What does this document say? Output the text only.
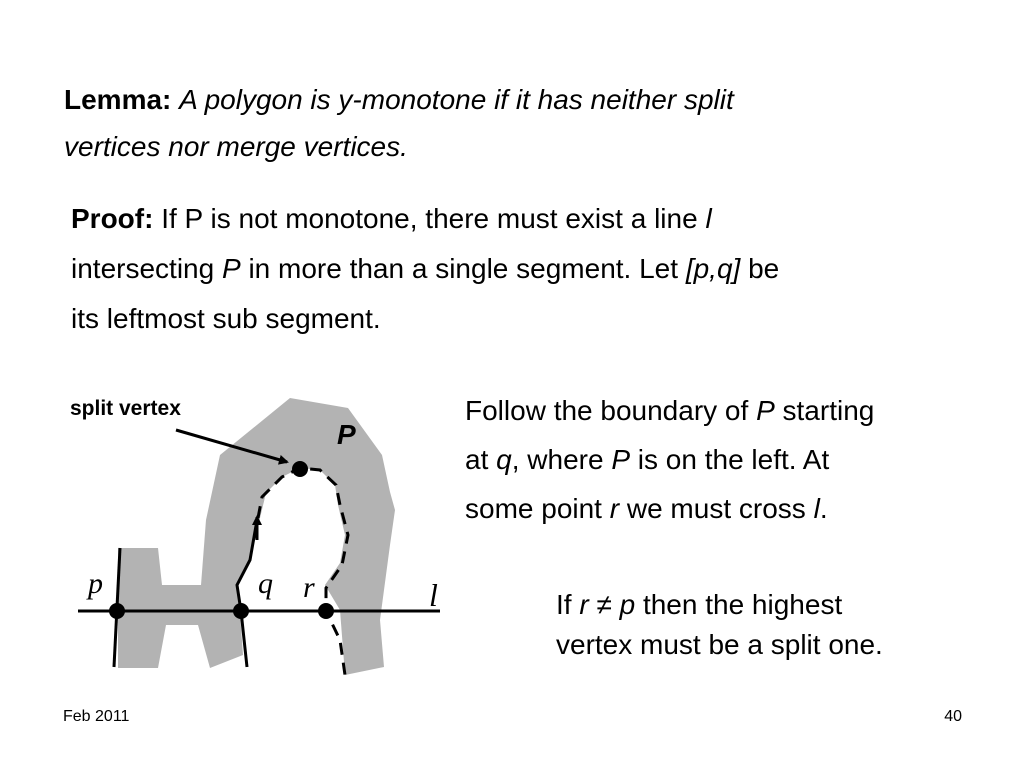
Lemma: A polygon is y-monotone if it has neither split
vertices nor merge vertices.
Proof: If P is not monotone, there must exist a line l
intersecting P in more than a single segment. Let [p,q] be
its leftmost sub segment.
Follow the boundary of P starting
at q, where P is on the left. At
some point r we must cross l.
If r ≠ p then the highest
vertex must be a split one.
split vertex
P
p	q r	l
Feb 2011	40
